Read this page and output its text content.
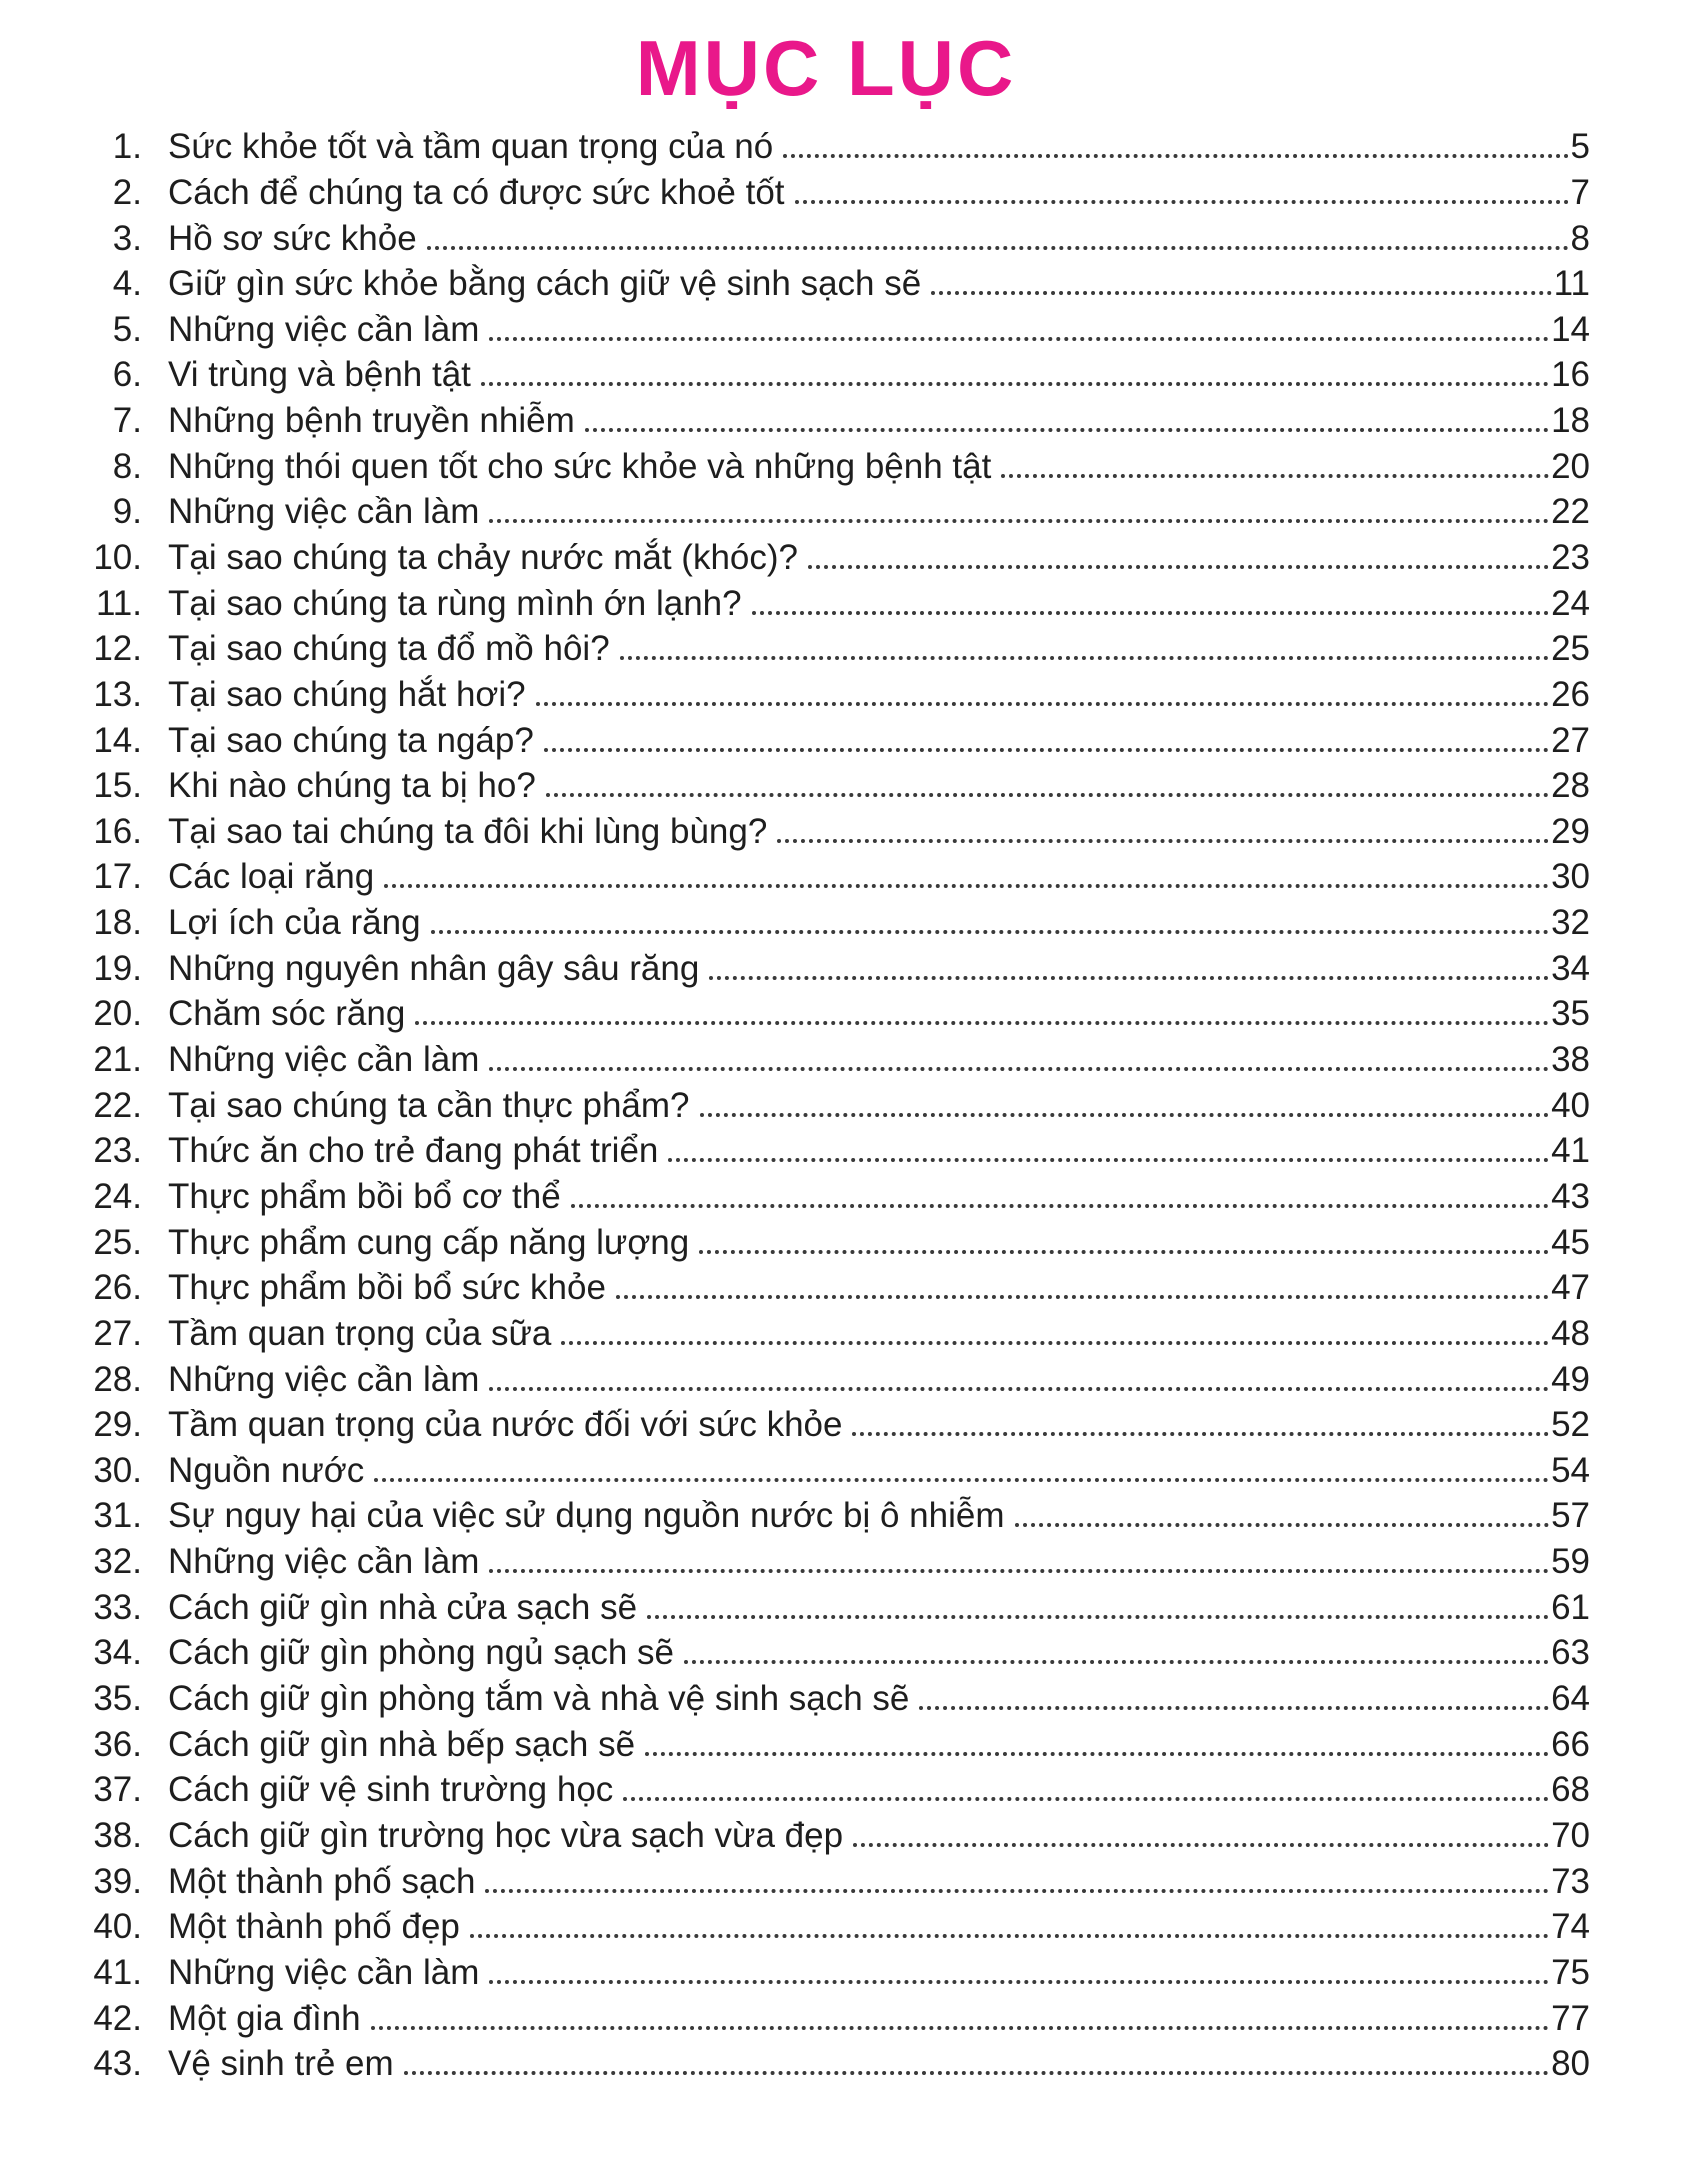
MỤC LỤC
1. Sức khỏe tốt và tầm quan trọng của nó	5
2. Cách để chúng ta có được sức khoẻ tốt	7
3. Hồ sơ sức khỏe	8
4. Giữ gìn sức khỏe bằng cách giữ vệ sinh sạch sẽ	11
5. Những việc cần làm	14
6. Vi trùng và bệnh tật	16
7. Những bệnh truyền nhiễm	18
8. Những thói quen tốt cho sức khỏe và những bệnh tật	20
9. Những việc cần làm	22
10. Tại sao chúng ta chảy nước mắt (khóc)?	23
11. Tại sao chúng ta rùng mình ớn lạnh?	24
12. Tại sao chúng ta đổ mồ hôi?	25
13. Tại sao chúng hắt hơi?	26
14. Tại sao chúng ta ngáp?	27
15. Khi nào chúng ta bị ho?	28
16. Tại sao tai chúng ta đôi khi lùng bùng?	29
17. Các loại răng	30
18. Lợi ích của răng	32
19. Những nguyên nhân gây sâu răng	34
20. Chăm sóc răng	35
21. Những việc cần làm	38
22. Tại sao chúng ta cần thực phẩm?	40
23. Thức ăn cho trẻ đang phát triển	41
24. Thực phẩm bồi bổ cơ thể	43
25. Thực phẩm cung cấp năng lượng	45
26. Thực phẩm bồi bổ sức khỏe	47
27. Tầm quan trọng của sữa	48
28. Những việc cần làm	49
29. Tầm quan trọng của nước đối với sức khỏe	52
30. Nguồn nước	54
31. Sự nguy hại của việc sử dụng nguồn nước bị ô nhiễm	57
32. Những việc cần làm	59
33. Cách giữ gìn nhà cửa sạch sẽ	61
34. Cách giữ gìn phòng ngủ sạch sẽ	63
35. Cách giữ gìn phòng tắm và nhà vệ sinh sạch sẽ	64
36. Cách giữ gìn nhà bếp sạch sẽ	66
37. Cách giữ vệ sinh trường học	68
38. Cách giữ gìn trường học vừa sạch vừa đẹp	70
39. Một thành phố sạch	73
40. Một thành phố đẹp	74
41. Những việc cần làm	75
42. Một gia đình	77
43. Vệ sinh trẻ em	80
